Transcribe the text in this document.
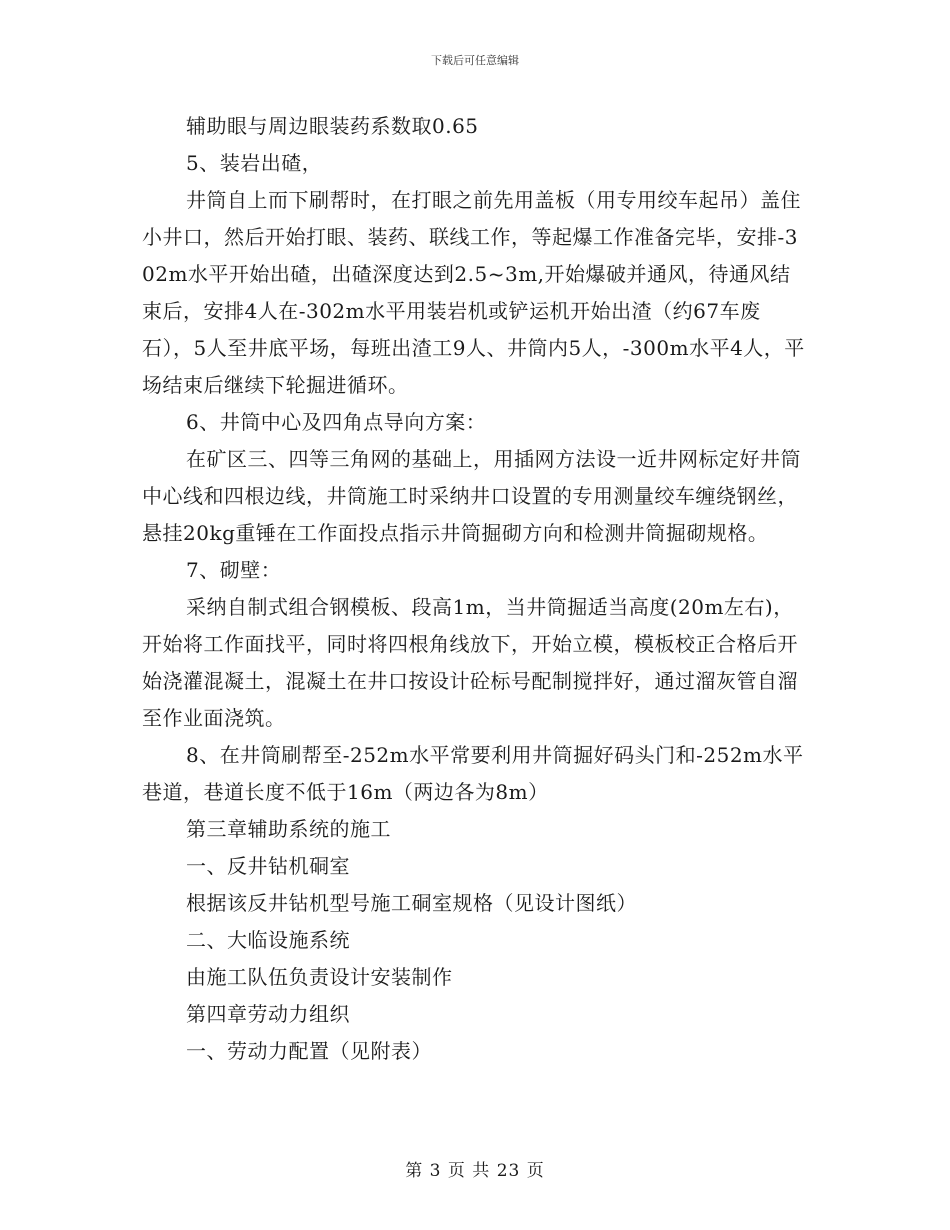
下载后可任意编辑

辅助眼与周边眼装药系数取0.65

5、装岩出碴，

井筒自上而下刷帮时，在打眼之前先用盖板（用专用绞车起吊）盖住小井口，然后开始打眼、装药、联线工作，等起爆工作准备完毕，安排-302m水平开始出碴，出碴深度达到2.5~3m,开始爆破并通风，待通风结束后，安排4人在-302m水平用装岩机或铲运机开始出渣（约67车废石），5人至井底平场，每班出渣工9人、井筒内5人，-300m水平4人，平场结束后继续下轮掘进循环。

6、井筒中心及四角点导向方案：

在矿区三、四等三角网的基础上，用插网方法设一近井网标定好井筒中心线和四根边线，井筒施工时采纳井口设置的专用测量绞车缠绕钢丝，悬挂20kg重锤在工作面投点指示井筒掘砌方向和检测井筒掘砌规格。

7、砌壁：

采纳自制式组合钢模板、段高1m，当井筒掘适当高度(20m左右)，开始将工作面找平，同时将四根角线放下，开始立模，模板校正合格后开始浇灌混凝土，混凝土在井口按设计砼标号配制搅拌好，通过溜灰管自溜至作业面浇筑。

8、在井筒刷帮至-252m水平常要利用井筒掘好码头门和-252m水平巷道，巷道长度不低于16m（两边各为8m）

第三章辅助系统的施工

一、反井钻机硐室

根据该反井钻机型号施工硐室规格（见设计图纸）

二、大临设施系统

由施工队伍负责设计安装制作

第四章劳动力组织

一、劳动力配置（见附表）

第 3 页 共 23 页
